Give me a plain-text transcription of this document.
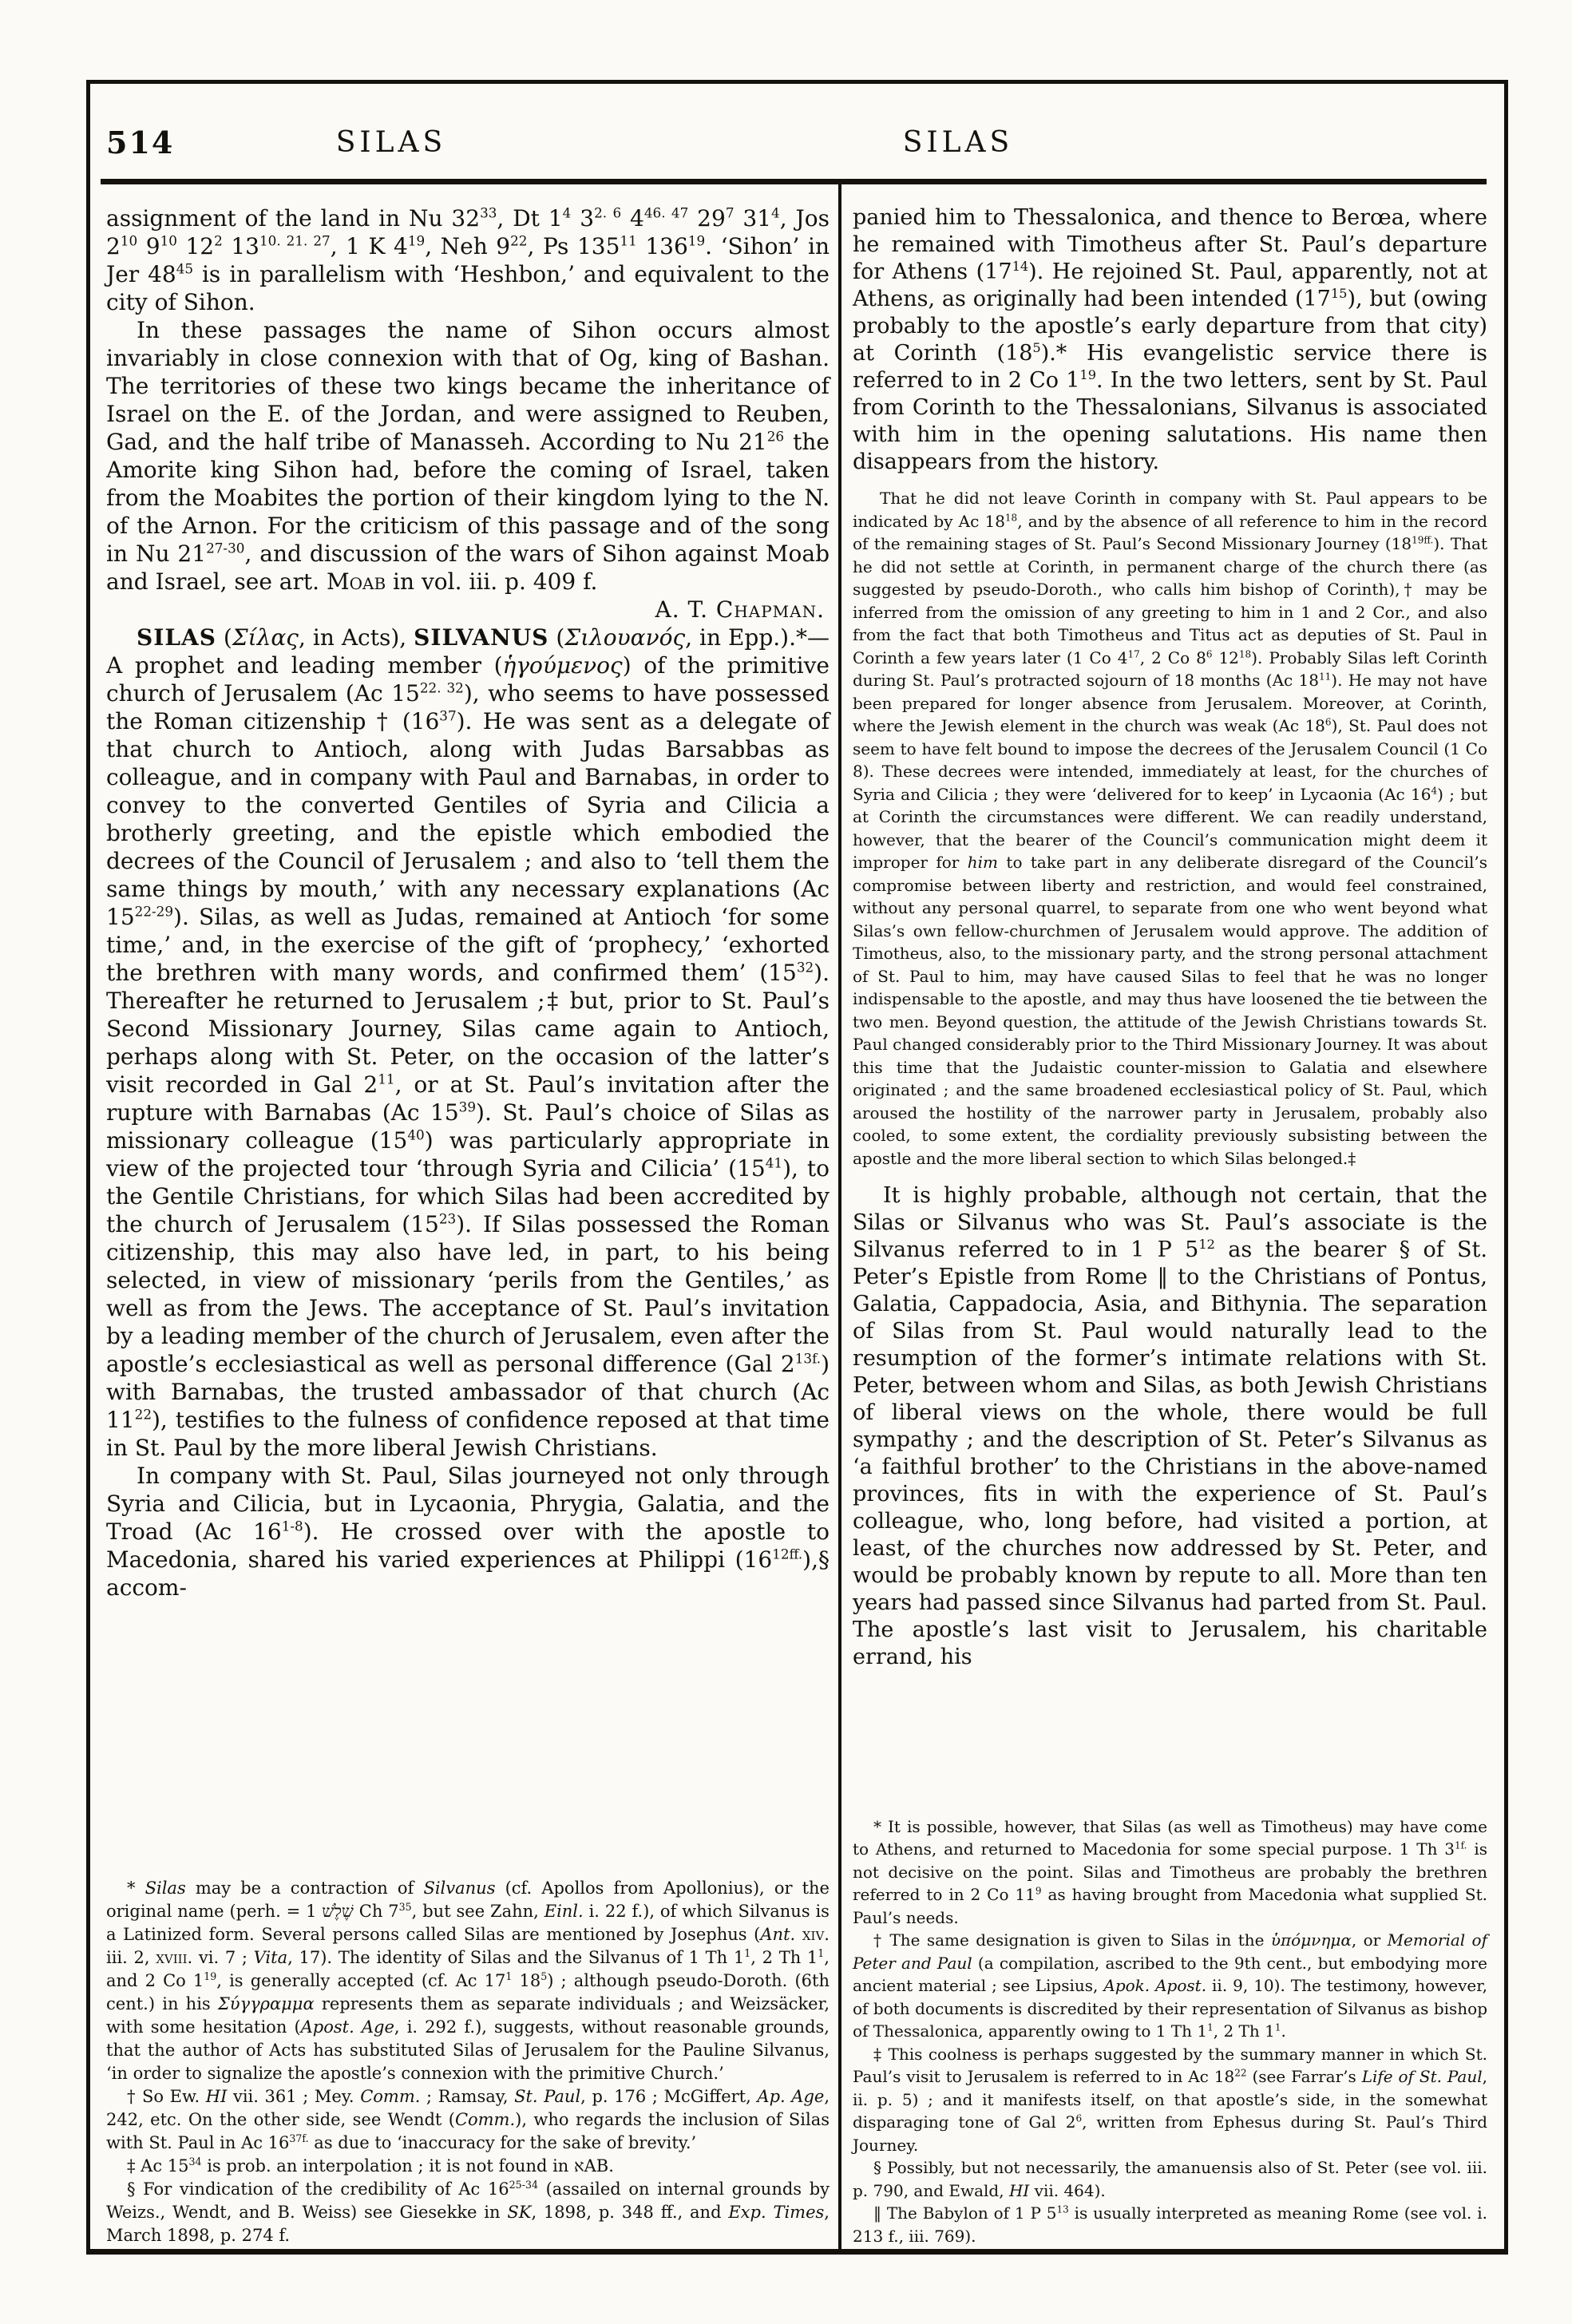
514	SILAS	SILAS

assignment of the land in Nu $32^{33}$, Dt $1^4$ $3^{2. 6}$ $4^{46. 47}$ $29^7$ $31^4$, Jos $2^{10}$ $9^{10}$ $12^2$ $13^{10. 21. 27}$, 1 K $4^{19}$, Neh $9^{22}$, Ps $135^{11}$ $136^{19}$. ‘Sihon’ in Jer $48^{45}$ is in parallelism with ‘Heshbon,’ and equivalent to the city of Sihon.

In these passages the name of Sihon occurs almost invariably in close connexion with that of Og, king of Bashan. The territories of these two kings became the inheritance of Israel on the E. of the Jordan, and were assigned to Reuben, Gad, and the half tribe of Manasseh. According to Nu $21^{26}$ the Amorite king Sihon had, before the coming of Israel, taken from the Moabites the portion of their kingdom lying to the N. of the Arnon. For the criticism of this passage and of the song in Nu 21$^{27-30}$, and discussion of the wars of Sihon against Moab and Israel, see art. Moab in vol. iii. p. 409 f.

A. T. Chapman.

SILAS (Σίλας, in Acts), SILVANUS (Σιλουανός, in Epp.).*—A prophet and leading member (ἡγούμενος) of the primitive church of Jerusalem (Ac $15^{22. 32}$), who seems to have possessed the Roman citizenship † $(16^{37})$. He was sent as a delegate of that church to Antioch, along with Judas Barsabbas as colleague, and in company with Paul and Barnabas, in order to convey to the converted Gentiles of Syria and Cilicia a brotherly greeting, and the epistle which embodied the decrees of the Council of Jerusalem ; and also to ‘tell them the same things by mouth,’ with any necessary explanations (Ac 15$^{22-29}$). Silas, as well as Judas, remained at Antioch ‘for some time,’ and, in the exercise of the gift of ‘prophecy,’ ‘exhorted the brethren with many words, and confirmed them’ $(15^{32})$. Thereafter he returned to Jerusalem ;‡ but, prior to St. Paul’s Second Missionary Journey, Silas came again to Antioch, perhaps along with St. Peter, on the occasion of the latter’s visit recorded in Gal $2^{11}$, or at St. Paul’s invitation after the rupture with Barnabas (Ac $15^{39}$). St. Paul’s choice of Silas as missionary colleague $(15^{40})$ was particularly appropriate in view of the projected tour ‘through Syria and Cilicia’ $(15^{41})$, to the Gentile Christians, for which Silas had been accredited by the church of Jerusalem $(15^{23})$. If Silas possessed the Roman citizenship, this may also have led, in part, to his being selected, in view of missionary ‘perils from the Gentiles,’ as well as from the Jews. The acceptance of St. Paul’s invitation by a leading member of the church of Jerusalem, even after the apostle’s ecclesiastical as well as personal difference (Gal $2^{13f.}$) with Barnabas, the trusted ambassador of that church (Ac $11^{22}$), testifies to the fulness of confidence reposed at that time in St. Paul by the more liberal Jewish Christians.

In company with St. Paul, Silas journeyed not only through Syria and Cilicia, but in Lycaonia, Phrygia, Galatia, and the Troad (Ac 16$^{1-8}$). He crossed over with the apostle to Macedonia, shared his varied experiences at Philippi $(16^{12ff.}),\S$ accom-

* Silas may be a contraction of Silvanus (cf. Apollos from Apollonius), or the original name (perh. = שֶׁלֶשׁ 1 Ch $7^{35}$, but see Zahn, Einl. i. 22 f.), of which Silvanus is a Latinized form. Several persons called Silas are mentioned by Josephus (Ant. xiv. iii. 2, xviii. vi. 7 ; Vita, 17). The identity of Silas and the Silvanus of 1 Th $1^1$, 2 Th $1^1$, and 2 Co $1^{19}$, is generally accepted (cf. Ac $17^1$ $18^5$) ; although pseudo-Doroth. (6th cent.) in his Σύγγραμμα represents them as separate individuals ; and Weizsäcker, with some hesitation (Apost. Age, i. 292 f.), suggests, without reasonable grounds, that the author of Acts has substituted Silas of Jerusalem for the Pauline Silvanus, ‘in order to signalize the apostle’s connexion with the primitive Church.’

† So Ew. HI vii. 361 ; Mey. Comm. ; Ramsay, St. Paul, p. 176 ; McGiffert, Ap. Age, 242, etc. On the other side, see Wendt (Comm.), who regards the inclusion of Silas with St. Paul in Ac $16^{37f.}$ as due to ‘inaccuracy for the sake of brevity.’

‡ Ac $15^{34}$ is prob. an interpolation ; it is not found in אAB.

§ For vindication of the credibility of Ac 16$^{25-34}$ (assailed on internal grounds by Weizs., Wendt, and B. Weiss) see Giesekke in SK, 1898, p. 348 ff., and Exp. Times, March 1898, p. 274 f.

panied him to Thessalonica, and thence to Berœa, where he remained with Timotheus after St. Paul’s departure for Athens $(17^{14})$. He rejoined St. Paul, apparently, not at Athens, as originally had been intended $(17^{15})$, but (owing probably to the apostle’s early departure from that city) at Corinth $(18^5).*$ His evangelistic service there is referred to in 2 Co $1^{19}$. In the two letters, sent by St. Paul from Corinth to the Thessalonians, Silvanus is associated with him in the opening salutations. His name then disappears from the history.

That he did not leave Corinth in company with St. Paul appears to be indicated by Ac $18^{18}$, and by the absence of all reference to him in the record of the remaining stages of St. Paul’s Second Missionary Journey $(18^{19ff.})$. That he did not settle at Corinth, in permanent charge of the church there (as suggested by pseudo-Doroth., who calls him bishop of Corinth),† may be inferred from the omission of any greeting to him in 1 and 2 Cor., and also from the fact that both Timotheus and Titus act as deputies of St. Paul in Corinth a few years later (1 Co $4^{17}$, 2 Co $8^6$ $12^{18}$). Probably Silas left Corinth during St. Paul’s protracted sojourn of 18 months (Ac $18^{11}$). He may not have been prepared for longer absence from Jerusalem. Moreover, at Corinth, where the Jewish element in the church was weak (Ac $18^6$), St. Paul does not seem to have felt bound to impose the decrees of the Jerusalem Council (1 Co 8). These decrees were intended, immediately at least, for the churches of Syria and Cilicia ; they were ‘delivered for to keep’ in Lycaonia (Ac $16^4$) ; but at Corinth the circumstances were different. We can readily understand, however, that the bearer of the Council’s communication might deem it improper for him to take part in any deliberate disregard of the Council’s compromise between liberty and restriction, and would feel constrained, without any personal quarrel, to separate from one who went beyond what Silas’s own fellow-churchmen of Jerusalem would approve. The addition of Timotheus, also, to the missionary party, and the strong personal attachment of St. Paul to him, may have caused Silas to feel that he was no longer indispensable to the apostle, and may thus have loosened the tie between the two men. Beyond question, the attitude of the Jewish Christians towards St. Paul changed considerably prior to the Third Missionary Journey. It was about this time that the Judaistic counter-mission to Galatia and elsewhere originated ; and the same broadened ecclesiastical policy of St. Paul, which aroused the hostility of the narrower party in Jerusalem, probably also cooled, to some extent, the cordiality previously subsisting between the apostle and the more liberal section to which Silas belonged.‡

It is highly probable, although not certain, that the Silas or Silvanus who was St. Paul’s associate is the Silvanus referred to in 1 P $5^{12}$ as the bearer § of St. Peter’s Epistle from Rome ‖ to the Christians of Pontus, Galatia, Cappadocia, Asia, and Bithynia. The separation of Silas from St. Paul would naturally lead to the resumption of the former’s intimate relations with St. Peter, between whom and Silas, as both Jewish Christians of liberal views on the whole, there would be full sympathy ; and the description of St. Peter’s Silvanus as ‘a faithful brother’ to the Christians in the above-named provinces, fits in with the experience of St. Paul’s colleague, who, long before, had visited a portion, at least, of the churches now addressed by St. Peter, and would be probably known by repute to all. More than ten years had passed since Silvanus had parted from St. Paul. The apostle’s last visit to Jerusalem, his charitable errand, his

* It is possible, however, that Silas (as well as Timotheus) may have come to Athens, and returned to Macedonia for some special purpose. 1 Th $3^{1f.}$ is not decisive on the point. Silas and Timotheus are probably the brethren referred to in 2 Co $11^9$ as having brought from Macedonia what supplied St. Paul’s needs.

† The same designation is given to Silas in the ὑπόμνημα, or Memorial of Peter and Paul (a compilation, ascribed to the 9th cent., but embodying more ancient material ; see Lipsius, Apok. Apost. ii. 9, 10). The testimony, however, of both documents is discredited by their representation of Silvanus as bishop of Thessalonica, apparently owing to 1 Th $1^1$, 2 Th $1^1$.

‡ This coolness is perhaps suggested by the summary manner in which St. Paul’s visit to Jerusalem is referred to in Ac $18^{22}$ (see Farrar’s Life of St. Paul, ii. p. 5) ; and it manifests itself, on that apostle’s side, in the somewhat disparaging tone of Gal $2^6$, written from Ephesus during St. Paul’s Third Journey.

§ Possibly, but not necessarily, the amanuensis also of St. Peter (see vol. iii. p. 790, and Ewald, HI vii. 464).

‖ The Babylon of 1 P $5^{13}$ is usually interpreted as meaning Rome (see vol. i. 213 f., iii. 769).
